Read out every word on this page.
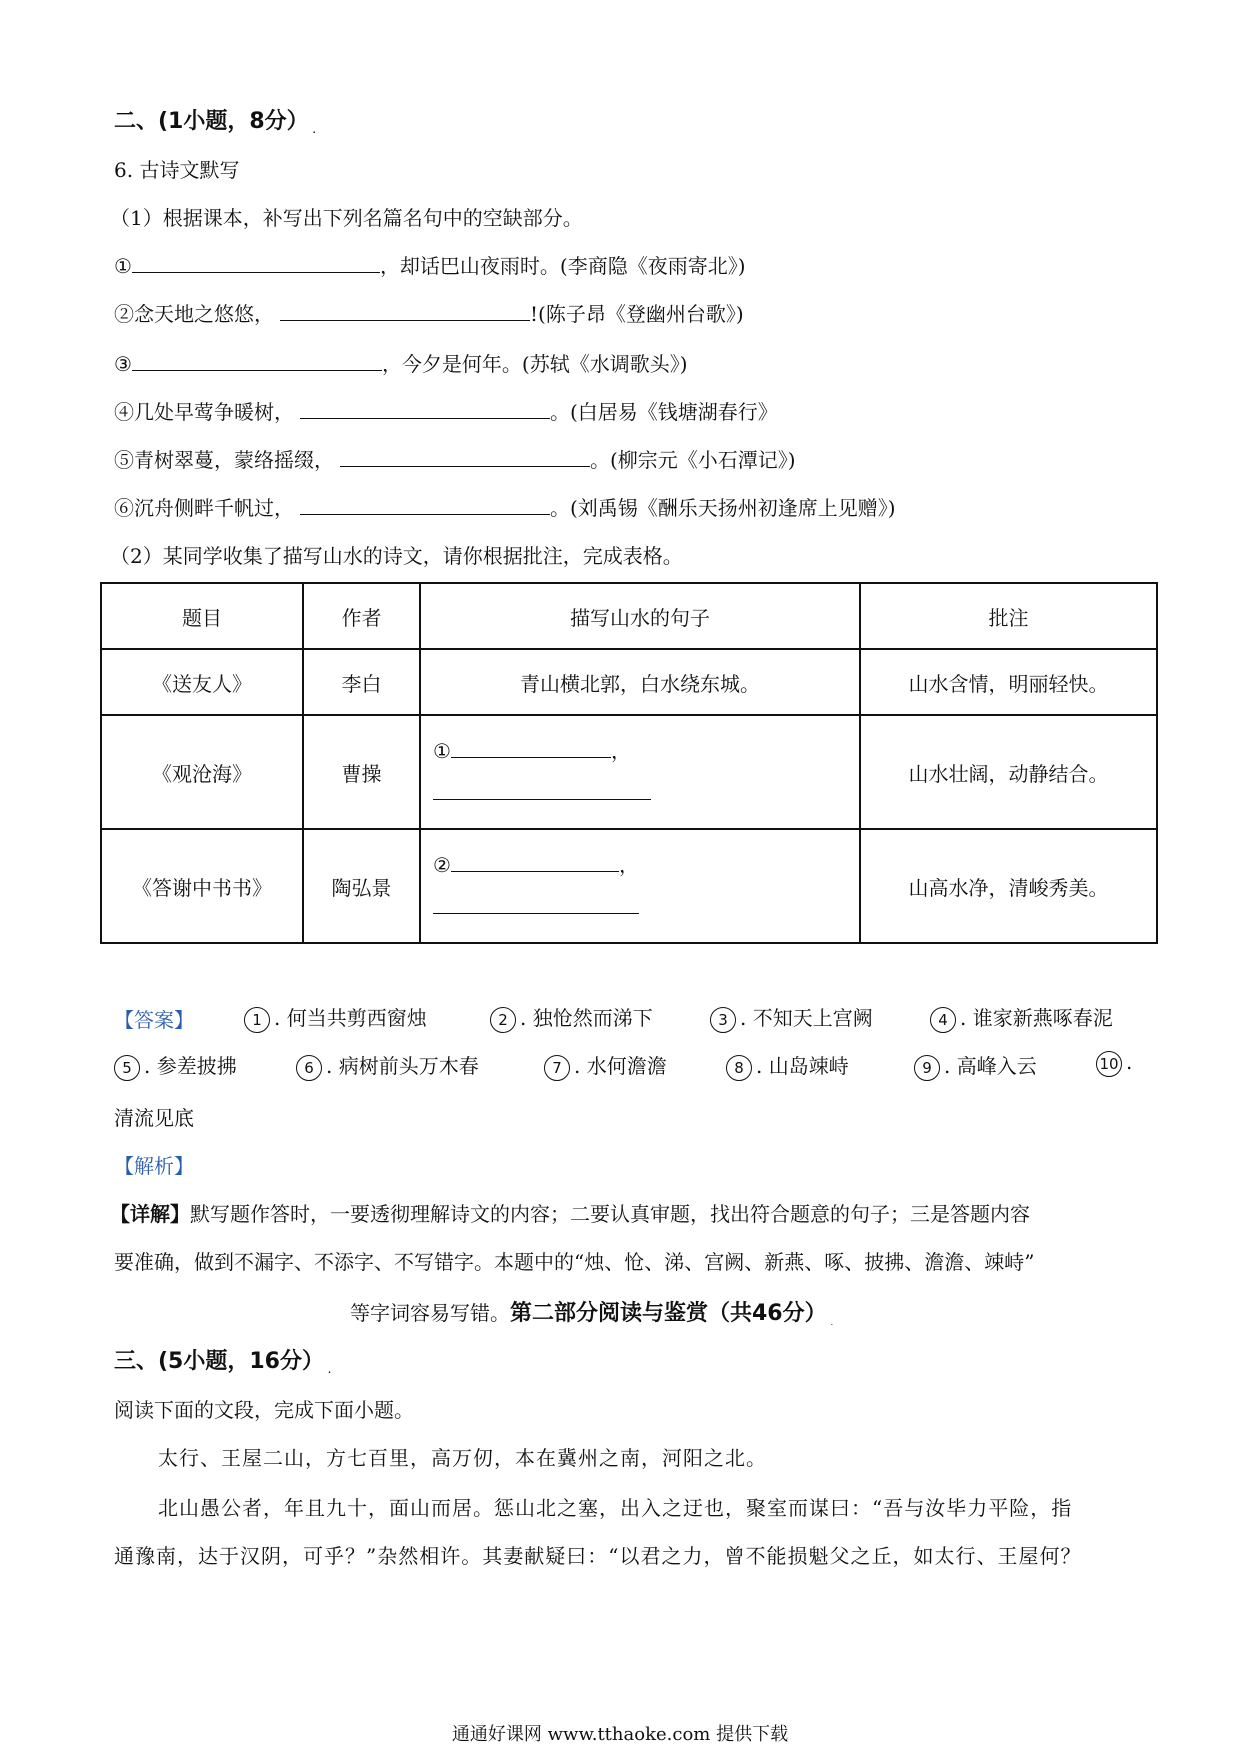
二、(1小题，8分） .
6. 古诗文默写
（1）根据课本，补写出下列名篇名句中的空缺部分。
①	，却话巴山夜雨时。(李商隐《夜雨寄北》)
②念天地之悠悠，	!(陈子昂《登幽州台歌》)
③	，今夕是何年。(苏轼《水调歌头》)
④几处早莺争暖树，	。(白居易《钱塘湖春行》
⑤青树翠蔓，蒙络摇缀，	。(柳宗元《小石潭记》)
⑥沉舟侧畔千帆过，	。(刘禹锡《酬乐天扬州初逢席上见赠》)
（2）某同学收集了描写山水的诗文，请你根据批注，完成表格。
题目	作者	描写山水的句子	批注
《送友人》	李白	青山横北郭，白水绕东城。	山水含情，明丽轻快。
《观沧海》	曹操	① ，	山水壮阔，动静结合。
《答谢中书书》	陶弘景	② ，	山高水净，清峻秀美。
【答案】	1 . 何当共剪西窗烛	2 . 独怆然而涕下	3 . 不知天上宫阙	4 . 谁家新燕啄春泥
5 . 参差披拂	6 . 病树前头万木春	7 . 水何澹澹	8 . 山岛竦峙	9 . 高峰入云	10 .
清流见底
【解析】
【详解】默写题作答时，一要透彻理解诗文的内容；二要认真审题，找出符合题意的句子；三是答题内容
要准确，做到不漏字、不添字、不写错字。本题中的“烛、怆、涕、宫阙、新燕、啄、披拂、澹澹、竦峙”
等字词容易写错。第二部分阅读与鉴赏（共46分） .
三、(5小题，16分） .
阅读下面的文段，完成下面小题。
太行、王屋二山，方七百里，高万仞，本在冀州之南，河阳之北。
北山愚公者，年且九十，面山而居。惩山北之塞，出入之迂也，聚室而谋曰：“吾与汝毕力平险，指
通豫南，达于汉阴，可乎？”杂然相许。其妻献疑曰：“以君之力，曾不能损魁父之丘，如太行、王屋何？
通通好课网 www.tthaoke.com 提供下载
